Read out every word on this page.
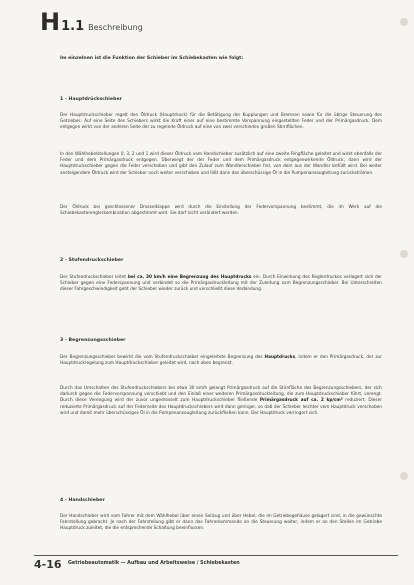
H 1.1 Beschreibung
Im einzelnen ist die Funktion der Schieber im Schiebekasten wie folgt:
1 - Hauptdrückschieber

Der Hauptdruckschieber regelt den Öldruck (Hauptdruck) für die Betätigung der Kupplungen und Bremsen sowie für die übrige Steuerung des Getriebes. Auf eine Seite des Schiebers wirkt die Kraft einer auf eine bestimmte Vorspannung eingestellten Feder und der Primärgasdruck. Dem entgegen wirkt von der anderen Seite der zu regelnde Öldruck auf eine von zwei verschieden großen Stirnflächen.

In den Wählhebelstellungen 0, 3, 2 und 1 wird dieser Öldruck vom Handschieber zusätzlich auf eine zweite Ringfläche geleitet und wirkt ebenfalls der Feder und dem Primärgasdruck entgegen. Überwiegt der der Feder und dem Primärgasdruck entgegenwirkende Öldruck, dann wird der Hauptdruckschieber gegen die Feder verschoben und gibt den Zulauf zum Wandlerschieber frei, von dem aus der Wandler befüllt wird. Bei weiter ansteigendem Öldruck wird der Schieber noch weiter verschoben und läßt dann das überschüssige Öl in die Pumpenansaugleitung zurückströmen.

Der Öldruck bei geschlossener Drosselklappe wird durch die Einstellung der Federvorspannung bestimmt, die im Werk auf die Schiebekastenreglerkombination abgestimmt wird. Sie darf nicht verändert werden.

2 - Stufendruckschieber

Der Stufendruckschieber leitet bei ca. 30 km/h eine Begrenzung des Hauptdrucks ein. Durch Einwirkung des Reglerdruckes verlagert sich der Schieber gegen eine Federspannung und verbindet so die Primärgasdruckleitung mit der Zuleitung zum Begrenzungsschieber. Bei Unterschreiten dieser Fahrgeschwindigkeit geht der Schieber wieder zurück und verschließt diese Verbindung.

3 - Begrenzungsschieber

Der Begrenzungsschieber bewirkt die vom Stufendruckschieber eingeleitete Begrenzung des Hauptdrucks, indem er den Primärgasdruck, der zur Hauptdruckregelung zum Hauptdruckschieber geleitet wird, nach oben begrenzt.

Durch das Umschalten des Stufendruckschiebers bei etwa 30 km/h gelangt Primärgasdruck auf die Stirnfläche des Begrenzungsschiebers, der sich dadurch gegen die Federvorspannung verschiebt und den Einlaß einer weiteren Primärgasdruckleitung, die zum Hauptdruckschieber führt, verengt. Durch diese Verengung wird der zuvor ungedrosselt zum Hauptdruckschieber fließende Primärgasdruck auf ca. 2 kp/cm² reduziert. Dieser reduzierte Primärgasdruck auf der Federseite des Hauptdruckschiebers wird dann geringer, so daß der Schieber leichter vom Hauptdruck verschoben wird und damit mehr überschüssiges Öl in die Pumpenansaugleitung zurückfließen kann. Der Hauptdruck verringert sich.

4 - Handschieber

Der Handschieber wird vom Fahrer mit dem Wählhebel über einen Seilzug und über Hebel, die im Getriebegehäuse gelagert sind, in die gewünschte Fahrstellung gebracht. Je nach der Fahrstellung gibt er dann das Fahrerkommando an die Steuerung weiter, indem er an den Stellen im Getriebe Hauptdruck zuleitet, die die entsprechende Schaltung beeinflussen.

4-16 Getriebeautomatik — Aufbau und Arbeitsweise / Schiebekasten
